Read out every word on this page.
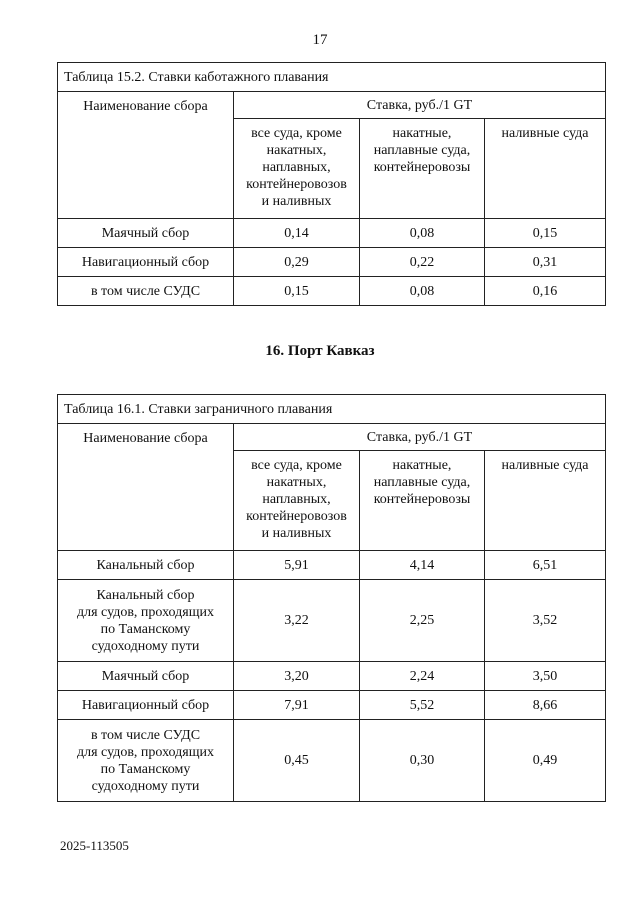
17
Таблица 15.2. Ставки каботажного плавания			
Наименование сбора	Ставка, руб./1 GT		
	все суда, кроме
накатных,
наплавных,
контейнеровозов
и наливных	накатные,
наплавные суда,
контейнеровозы	наливные суда
Маячный сбор	0,14	0,08	0,15
Навигационный сбор	0,29	0,22	0,31
в том числе СУДС	0,15	0,08	0,16
16. Порт Кавказ
Таблица 16.1. Ставки заграничного плавания			
Наименование сбора	Ставка, руб./1 GT		
	все суда, кроме
накатных,
наплавных,
контейнеровозов
и наливных	накатные,
наплавные суда,
контейнеровозы	наливные суда
Канальный сбор	5,91	4,14	6,51
Канальный сбор
для судов, проходящих
по Таманскому
судоходному пути	3,22	2,25	3,52
Маячный сбор	3,20	2,24	3,50
Навигационный сбор	7,91	5,52	8,66
в том числе СУДС
для судов, проходящих
по Таманскому
судоходному пути	0,45	0,30	0,49
2025-113505
